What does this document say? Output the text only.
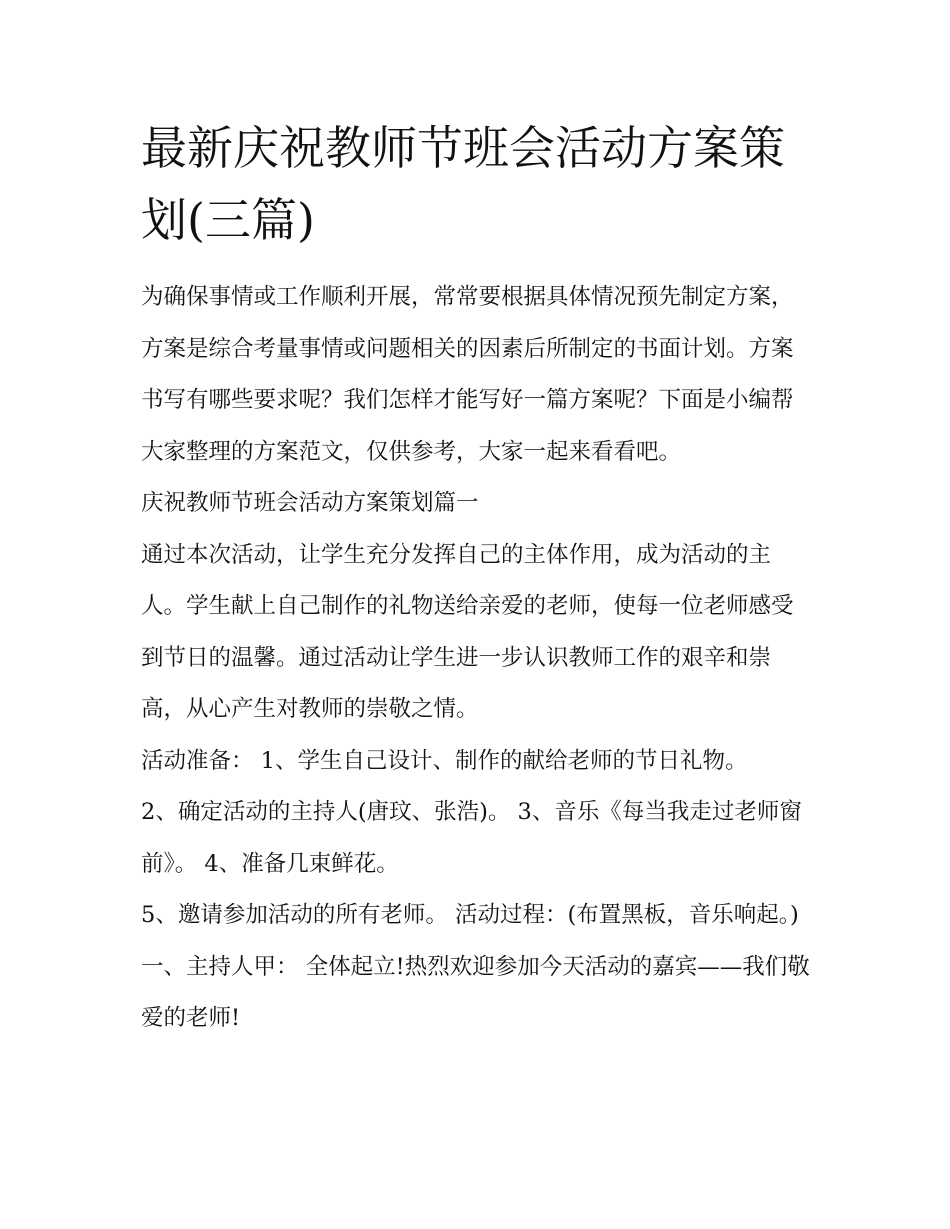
最新庆祝教师节班会活动方案策划(三篇)

为确保事情或工作顺利开展，常常要根据具体情况预先制定方案，方案是综合考量事情或问题相关的因素后所制定的书面计划。方案书写有哪些要求呢？我们怎样才能写好一篇方案呢？下面是小编帮大家整理的方案范文，仅供参考，大家一起来看看吧。

庆祝教师节班会活动方案策划篇一

通过本次活动，让学生充分发挥自己的主体作用，成为活动的主人。学生献上自己制作的礼物送给亲爱的老师，使每一位老师感受到节日的温馨。通过活动让学生进一步认识教师工作的艰辛和崇高，从心产生对教师的崇敬之情。

活动准备： 1、学生自己设计、制作的献给老师的节日礼物。

2、确定活动的主持人(唐玟、张浩)。 3、音乐《每当我走过老师窗前》。 4、准备几束鲜花。

5、邀请参加活动的所有老师。 活动过程：(布置黑板，音乐响起。) 一、主持人甲： 全体起立!热烈欢迎参加今天活动的嘉宾——我们敬爱的老师!
